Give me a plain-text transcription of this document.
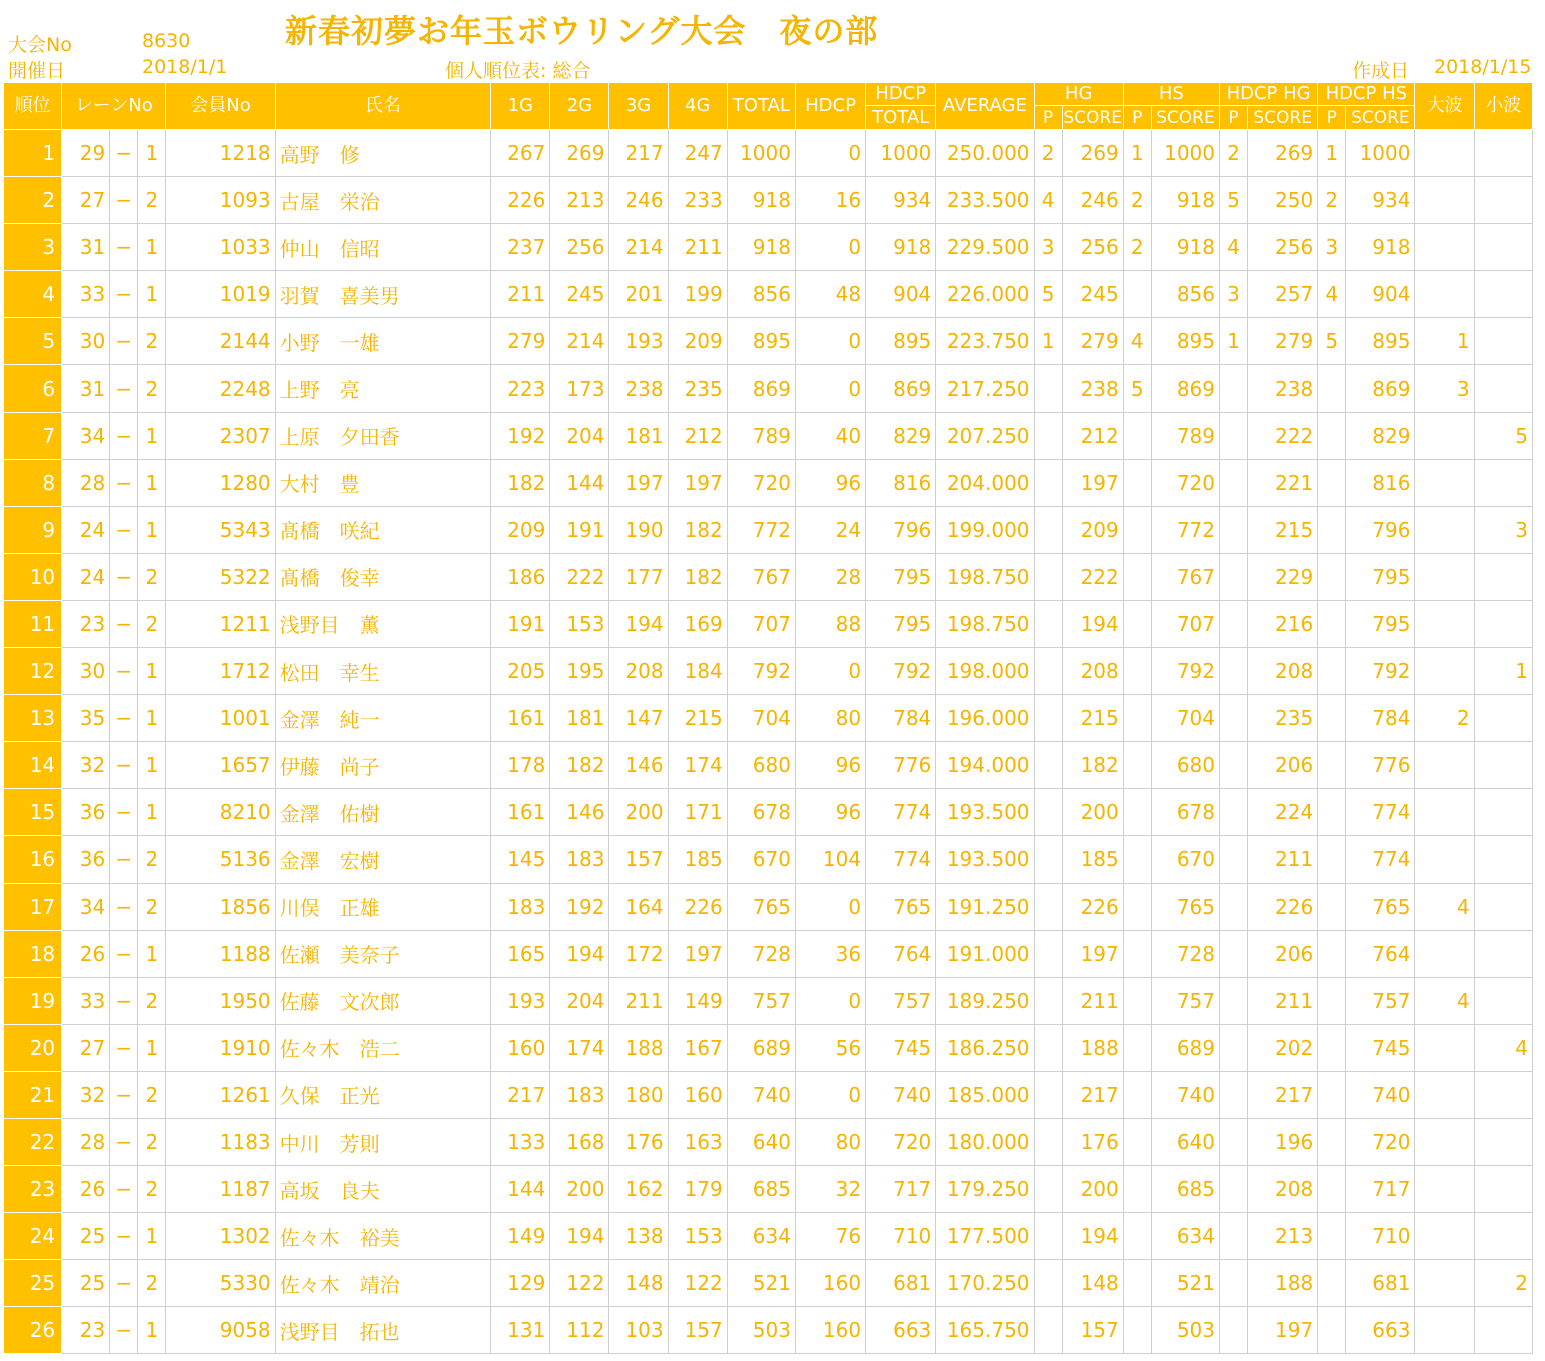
大会No	8630
開催日	2018/1/1
新春初夢お年玉ボウリング大会　夜の部
個人順位表: 総合	作成日 2018/1/15
順位	レーンNo			会員No	氏名	1G	2G	3G	4G	TOTAL	HDCP	HDCP	AVERAGE	HG		HS		HDCP HG		HDCP HS		大波	小波
												TOTAL		P	SCORE	P	SCORE	P	SCORE	P	SCORE		
1	29	−	1	1218	高野　修	267	269	217	247	1000	0	1000	250.000	2	269	1	1000	2	269	1	1000		
2	27	−	2	1093	古屋　栄治	226	213	246	233	918	16	934	233.500	4	246	2	918	5	250	2	934		
3	31	−	1	1033	仲山　信昭	237	256	214	211	918	0	918	229.500	3	256	2	918	4	256	3	918		
4	33	−	1	1019	羽賀　喜美男	211	245	201	199	856	48	904	226.000	5	245		856	3	257	4	904		
5	30	−	2	2144	小野　一雄	279	214	193	209	895	0	895	223.750	1	279	4	895	1	279	5	895	1	
6	31	−	2	2248	上野　亮	223	173	238	235	869	0	869	217.250		238	5	869		238		869	3	
7	34	−	1	2307	上原　夕田香	192	204	181	212	789	40	829	207.250		212		789		222		829		5
8	28	−	1	1280	大村　豊	182	144	197	197	720	96	816	204.000		197		720		221		816		
9	24	−	1	5343	髙橋　咲紀	209	191	190	182	772	24	796	199.000		209		772		215		796		3
10	24	−	2	5322	髙橋　俊幸	186	222	177	182	767	28	795	198.750		222		767		229		795		
11	23	−	2	1211	浅野目　薫	191	153	194	169	707	88	795	198.750		194		707		216		795		
12	30	−	1	1712	松田　幸生	205	195	208	184	792	0	792	198.000		208		792		208		792		1
13	35	−	1	1001	金澤　純一	161	181	147	215	704	80	784	196.000		215		704		235		784	2	
14	32	−	1	1657	伊藤　尚子	178	182	146	174	680	96	776	194.000		182		680		206		776		
15	36	−	1	8210	金澤　佑樹	161	146	200	171	678	96	774	193.500		200		678		224		774		
16	36	−	2	5136	金澤　宏樹	145	183	157	185	670	104	774	193.500		185		670		211		774		
17	34	−	2	1856	川俣　正雄	183	192	164	226	765	0	765	191.250		226		765		226		765	4	
18	26	−	1	1188	佐瀬　美奈子	165	194	172	197	728	36	764	191.000		197		728		206		764		
19	33	−	2	1950	佐藤　文次郎	193	204	211	149	757	0	757	189.250		211		757		211		757	4	
20	27	−	1	1910	佐々木　浩二	160	174	188	167	689	56	745	186.250		188		689		202		745		4
21	32	−	2	1261	久保　正光	217	183	180	160	740	0	740	185.000		217		740		217		740		
22	28	−	2	1183	中川　芳則	133	168	176	163	640	80	720	180.000		176		640		196		720		
23	26	−	2	1187	高坂　良夫	144	200	162	179	685	32	717	179.250		200		685		208		717		
24	25	−	1	1302	佐々木　裕美	149	194	138	153	634	76	710	177.500		194		634		213		710		
25	25	−	2	5330	佐々木　靖治	129	122	148	122	521	160	681	170.250		148		521		188		681		2
26	23	−	1	9058	浅野目　拓也	131	112	103	157	503	160	663	165.750		157		503		197		663		
